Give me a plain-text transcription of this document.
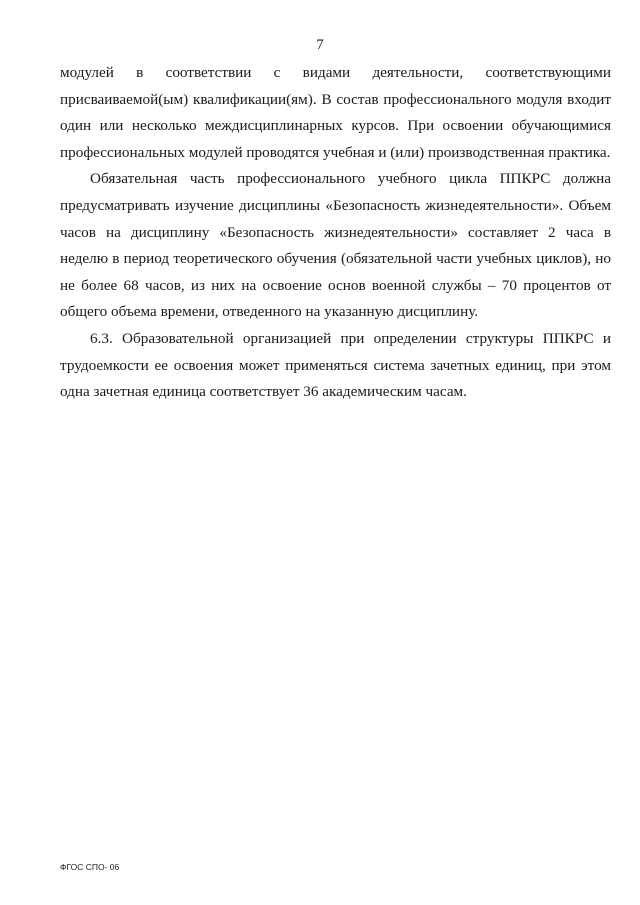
7

модулей в соответствии с видами деятельности, соответствующими присваиваемой(ым) квалификации(ям). В состав профессионального модуля входит один или несколько междисциплинарных курсов. При освоении обучающимися профессиональных модулей проводятся учебная и (или) производственная практика.

Обязательная часть профессионального учебного цикла ППКРС должна предусматривать изучение дисциплины «Безопасность жизнедеятельности». Объем часов на дисциплину «Безопасность жизнедеятельности» составляет 2 часа в неделю в период теоретического обучения (обязательной части учебных циклов), но не более 68 часов, из них на освоение основ военной службы – 70 процентов от общего объема времени, отведенного на указанную дисциплину.

6.3. Образовательной организацией при определении структуры ППКРС и трудоемкости ее освоения может применяться система зачетных единиц, при этом одна зачетная единица соответствует 36 академическим часам.

ФГОС СПО- 06
